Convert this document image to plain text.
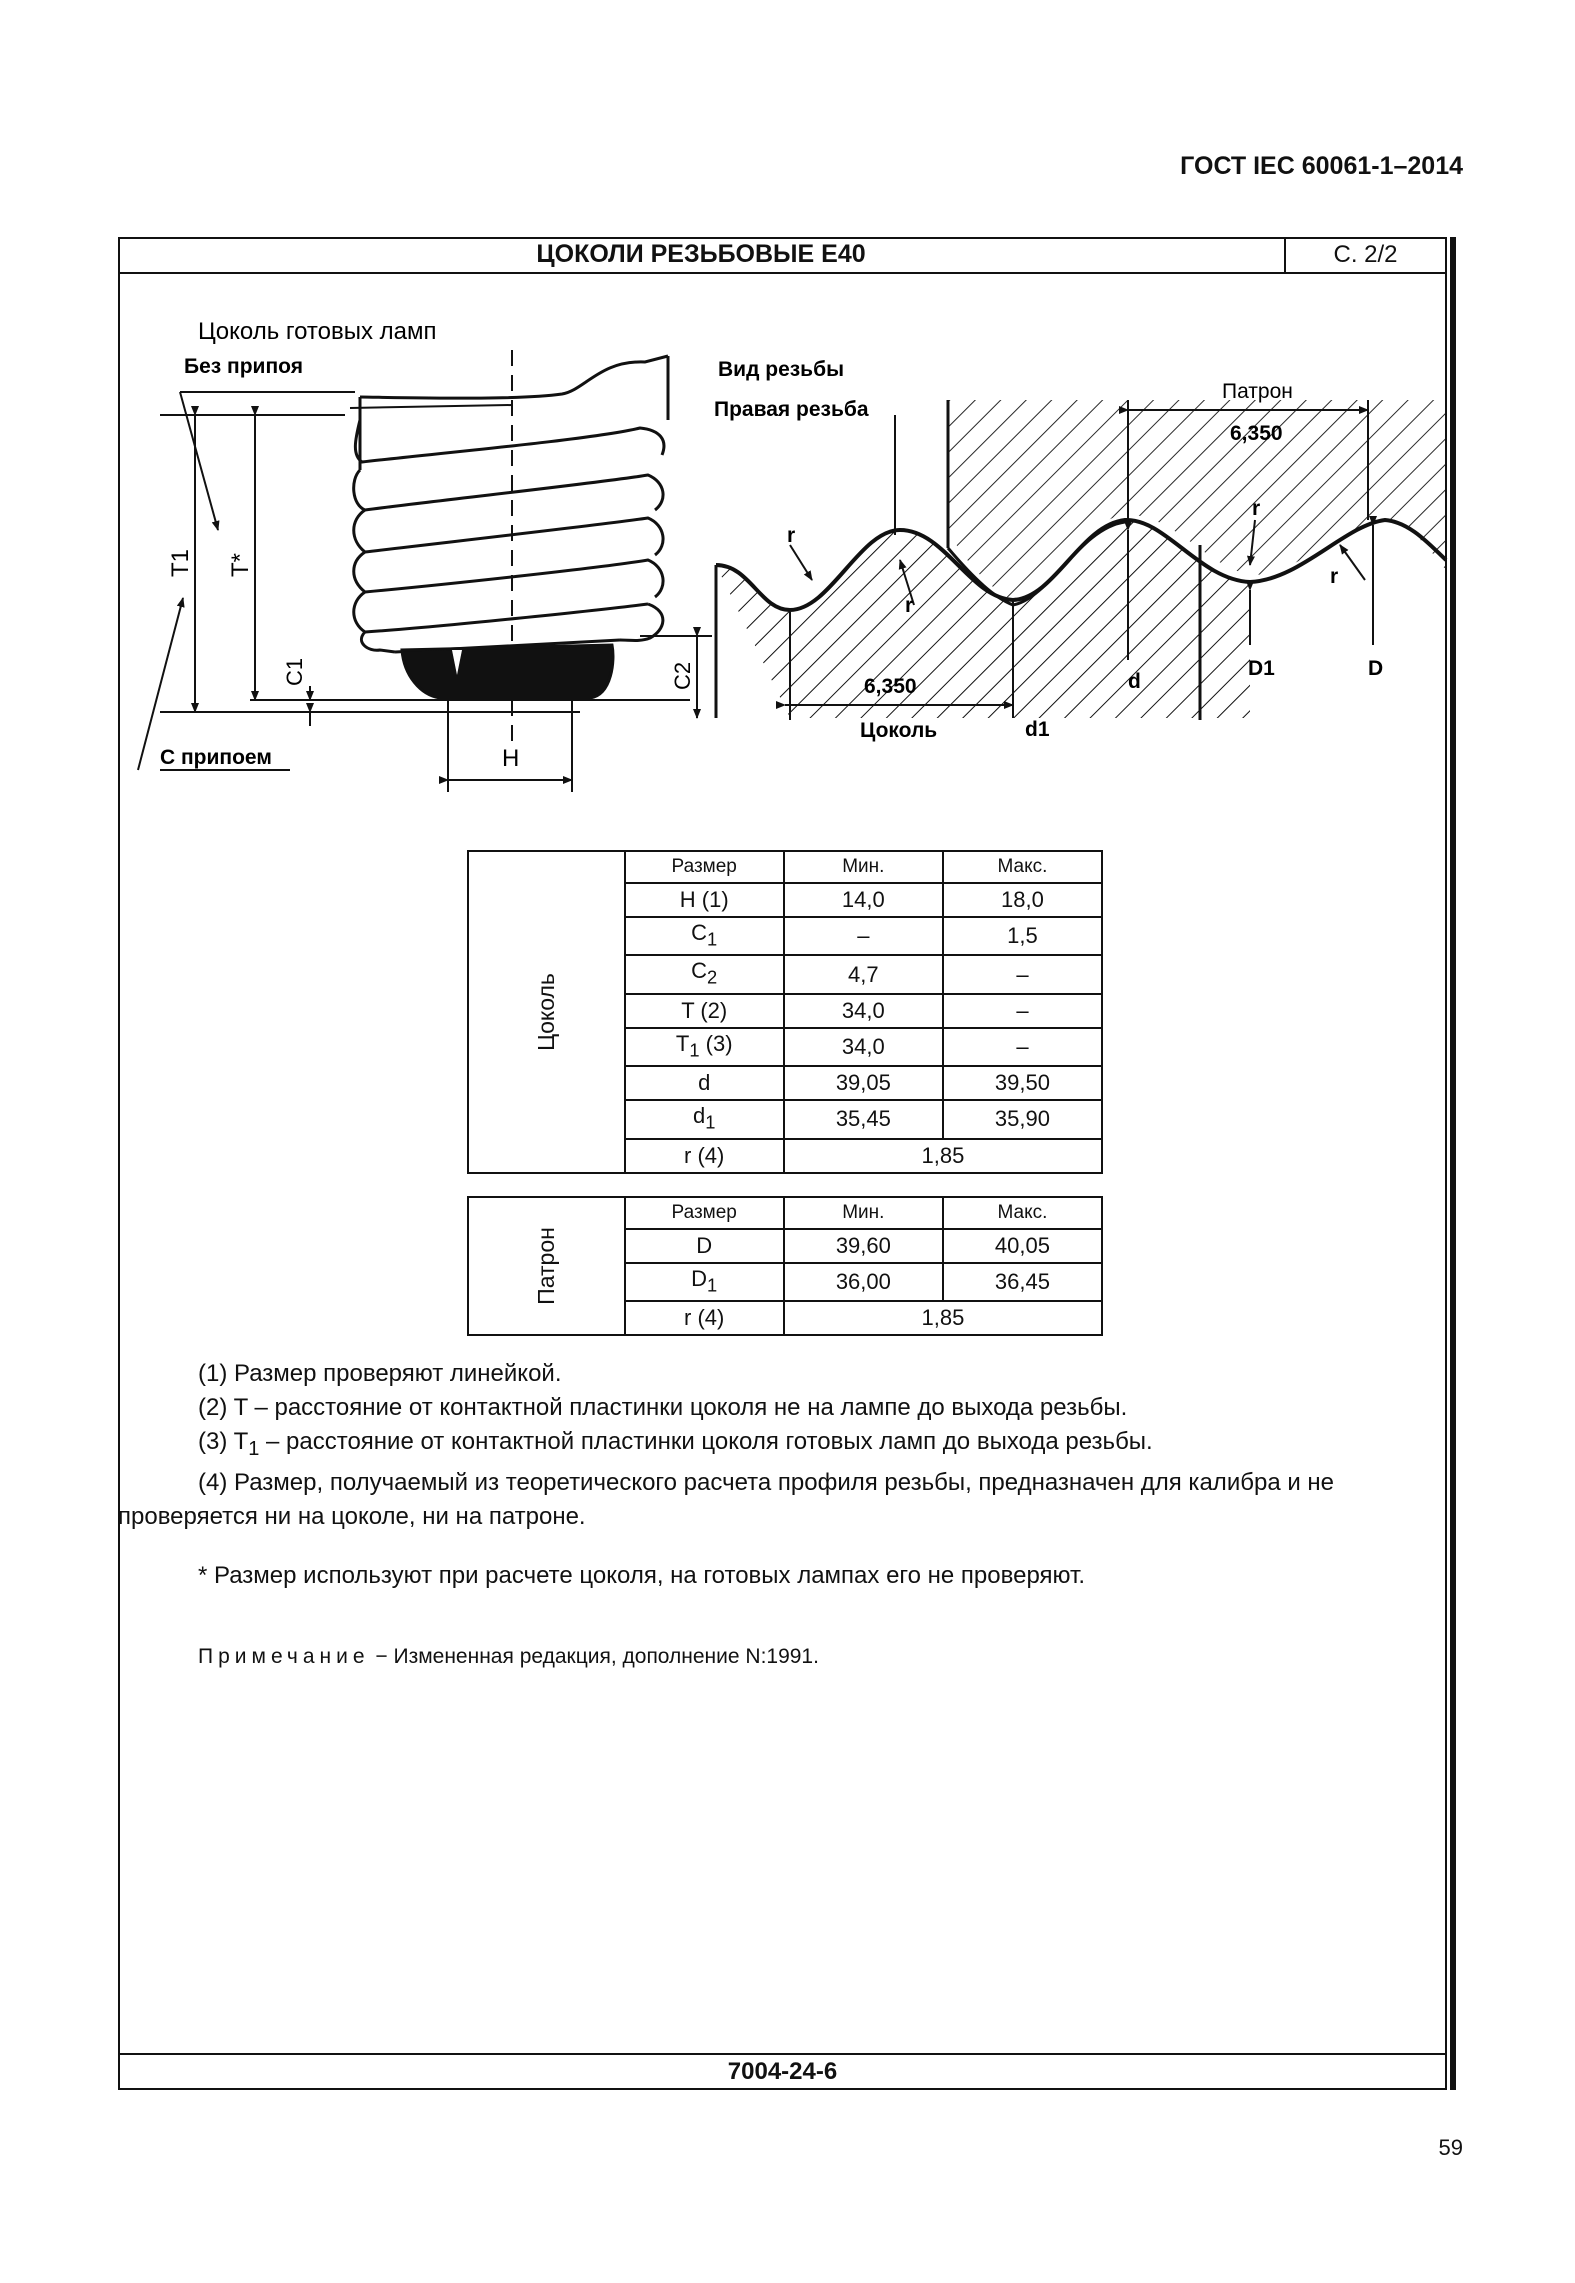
ГОСТ IEC 60061-1–2014
ЦОКОЛИ РЕЗЬБОВЫЕ Е40	С. 2/2
Цоколь готовых ламп
Без припоя
С припоем
T1 T*
C1	C2
H
Вид резьбы
Правая резьба
Патрон
6,350
6,350
Цоколь	d1
d
D1	D
r
r
r
r
Цоколь	Размер	Мин.	Макс.
	H (1)	14,0	18,0
	$C_1$	–	1,5
	$C_2$	4,7	–
	T (2)	34,0	–
	$T_1$ (3)	34,0	–
	d	39,05	39,50
	$d_1$	35,45	35,90
	r (4)	1,85	
Патрон	Размер	Мин.	Макс.
	D	39,60	40,05
	$D_1$	36,00	36,45
	r (4)	1,85	

(1) Размер проверяют линейкой.

(2) T – расстояние от контактной пластинки цоколя не на лампе до выхода резьбы.

(3) $T_1$ – расстояние от контактной пластинки цоколя готовых ламп до выхода резьбы.

(4) Размер, получаемый из теоретического расчета профиля резьбы, предназначен для калибра и не проверяется ни на цоколе, ни на патроне.

* Размер используют при расчете цоколя, на готовых лампах его не проверяют.
Примечание − Измененная редакция, дополнение N:1991.
7004-24-6
59
